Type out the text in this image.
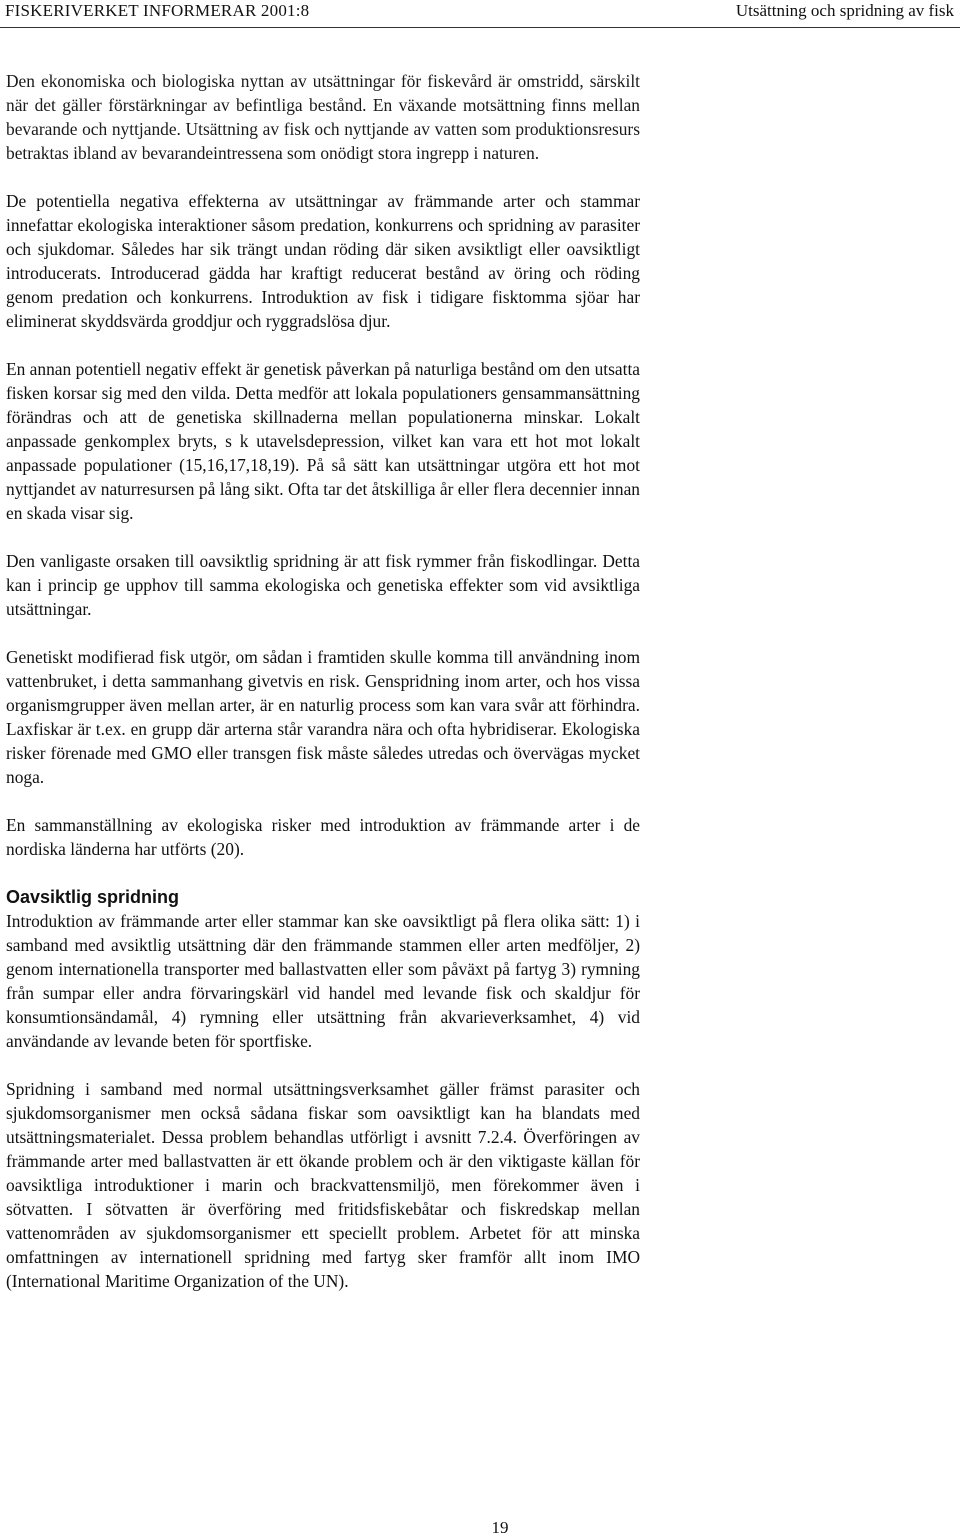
FISKERIVERKET INFORMERAR 2001:8	Utsättning och spridning av fisk

Den ekonomiska och biologiska nyttan av utsättningar för fiskevård är omstridd, särskilt när det gäller förstärkningar av befintliga bestånd. En växande motsättning finns mellan bevarande och nyttjande. Utsättning av fisk och nyttjande av vatten som produktionsresurs betraktas ibland av bevarandeintressena som onödigt stora ingrepp i naturen.

De potentiella negativa effekterna av utsättningar av främmande arter och stammar innefattar ekologiska interaktioner såsom predation, konkurrens och spridning av parasiter och sjukdomar. Således har sik trängt undan röding där siken avsiktligt eller oavsiktligt introducerats. Introducerad gädda har kraftigt reducerat bestånd av öring och röding genom predation och konkurrens. Introduktion av fisk i tidigare fisktomma sjöar har eliminerat skyddsvärda groddjur och ryggradslösa djur.

En annan potentiell negativ effekt är genetisk påverkan på naturliga bestånd om den utsatta fisken korsar sig med den vilda. Detta medför att lokala populationers gensammansättning förändras och att de genetiska skillnaderna mellan populationerna minskar. Lokalt anpassade genkomplex bryts, s k utavelsdepression, vilket kan vara ett hot mot lokalt anpassade populationer (15,16,17,18,19). På så sätt kan utsättningar utgöra ett hot mot nyttjandet av naturresursen på lång sikt. Ofta tar det åtskilliga år eller flera decennier innan en skada visar sig.

Den vanligaste orsaken till oavsiktlig spridning är att fisk rymmer från fiskodlingar. Detta kan i princip ge upphov till samma ekologiska och genetiska effekter som vid avsiktliga utsättningar.

Genetiskt modifierad fisk utgör, om sådan i framtiden skulle komma till användning inom vattenbruket, i detta sammanhang givetvis en risk. Genspridning inom arter, och hos vissa organismgrupper även mellan arter, är en naturlig process som kan vara svår att förhindra. Laxfiskar är t.ex. en grupp där arterna står varandra nära och ofta hybridiserar. Ekologiska risker förenade med GMO eller transgen fisk måste således utredas och övervägas mycket noga.

En sammanställning av ekologiska risker med introduktion av främmande arter i de nordiska länderna har utförts (20).

Oavsiktlig spridning

Introduktion av främmande arter eller stammar kan ske oavsiktligt på flera olika sätt: 1) i samband med avsiktlig utsättning där den främmande stammen eller arten medföljer, 2) genom internationella transporter med ballastvatten eller som påväxt på fartyg 3) rymning från sumpar eller andra förvaringskärl vid handel med levande fisk och skaldjur för konsumtionsändamål, 4) rymning eller utsättning från akvarieverksamhet, 4) vid användande av levande beten för sportfiske.

Spridning i samband med normal utsättningsverksamhet gäller främst parasiter och sjukdomsorganismer men också sådana fiskar som oavsiktligt kan ha blandats med utsättningsmaterialet. Dessa problem behandlas utförligt i avsnitt 7.2.4. Överföringen av främmande arter med ballastvatten är ett ökande problem och är den viktigaste källan för oavsiktliga introduktioner i marin och brackvattensmiljö, men förekommer även i sötvatten. I sötvatten är överföring med fritidsfiskebåtar och fiskredskap mellan vattenområden av sjukdomsorganismer ett speciellt problem. Arbetet för att minska omfattningen av internationell spridning med fartyg sker framför allt inom IMO (International Maritime Organization of the UN).

19
